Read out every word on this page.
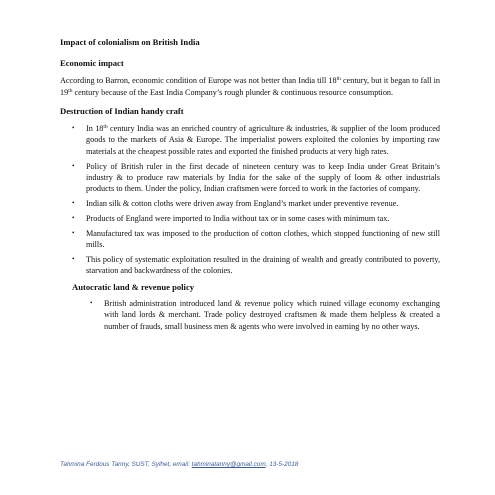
Impact of colonialism on British India
Economic impact

According to Barron, economic condition of Europe was not better than India till 18th century, but it began to fall in 19th century because of the East India Company’s rough plunder & continuous resource consumption.

Destruction of Indian handy craft
• In 18th century India was an enriched country of agriculture & industries, & supplier of the loom produced goods to the markets of Asia & Europe. The imperialist powers exploited the colonies by importing raw materials at the cheapest possible rates and exported the finished products at very high rates.
• Policy of British ruler in the first decade of nineteen century was to keep India under Great Britain’s industry & to produce raw materials by India for the sake of the supply of loom & other industrials products to them. Under the policy, Indian craftsmen were forced to work in the factories of company.
• Indian silk & cotton cloths were driven away from England’s market under preventive revenue.
• Products of England were imported to India without tax or in some cases with minimum tax.
• Manufactured tax was imposed to the production of cotton clothes, which stopped functioning of new still mills.
• This policy of systematic exploitation resulted in the draining of wealth and greatly contributed to poverty, starvation and backwardness of the colonies.
Autocratic land & revenue policy
• British administration introduced land & revenue policy which ruined village economy exchanging with land lords & merchant. Trade policy destroyed craftsmen & made them helpless & created a number of frauds, small business men & agents who were involved in earning by no other ways.
Tahmina Ferdous Tanny, SUST, Sylhet, email: tahminatanny@gmail.com, 13-5-2018
